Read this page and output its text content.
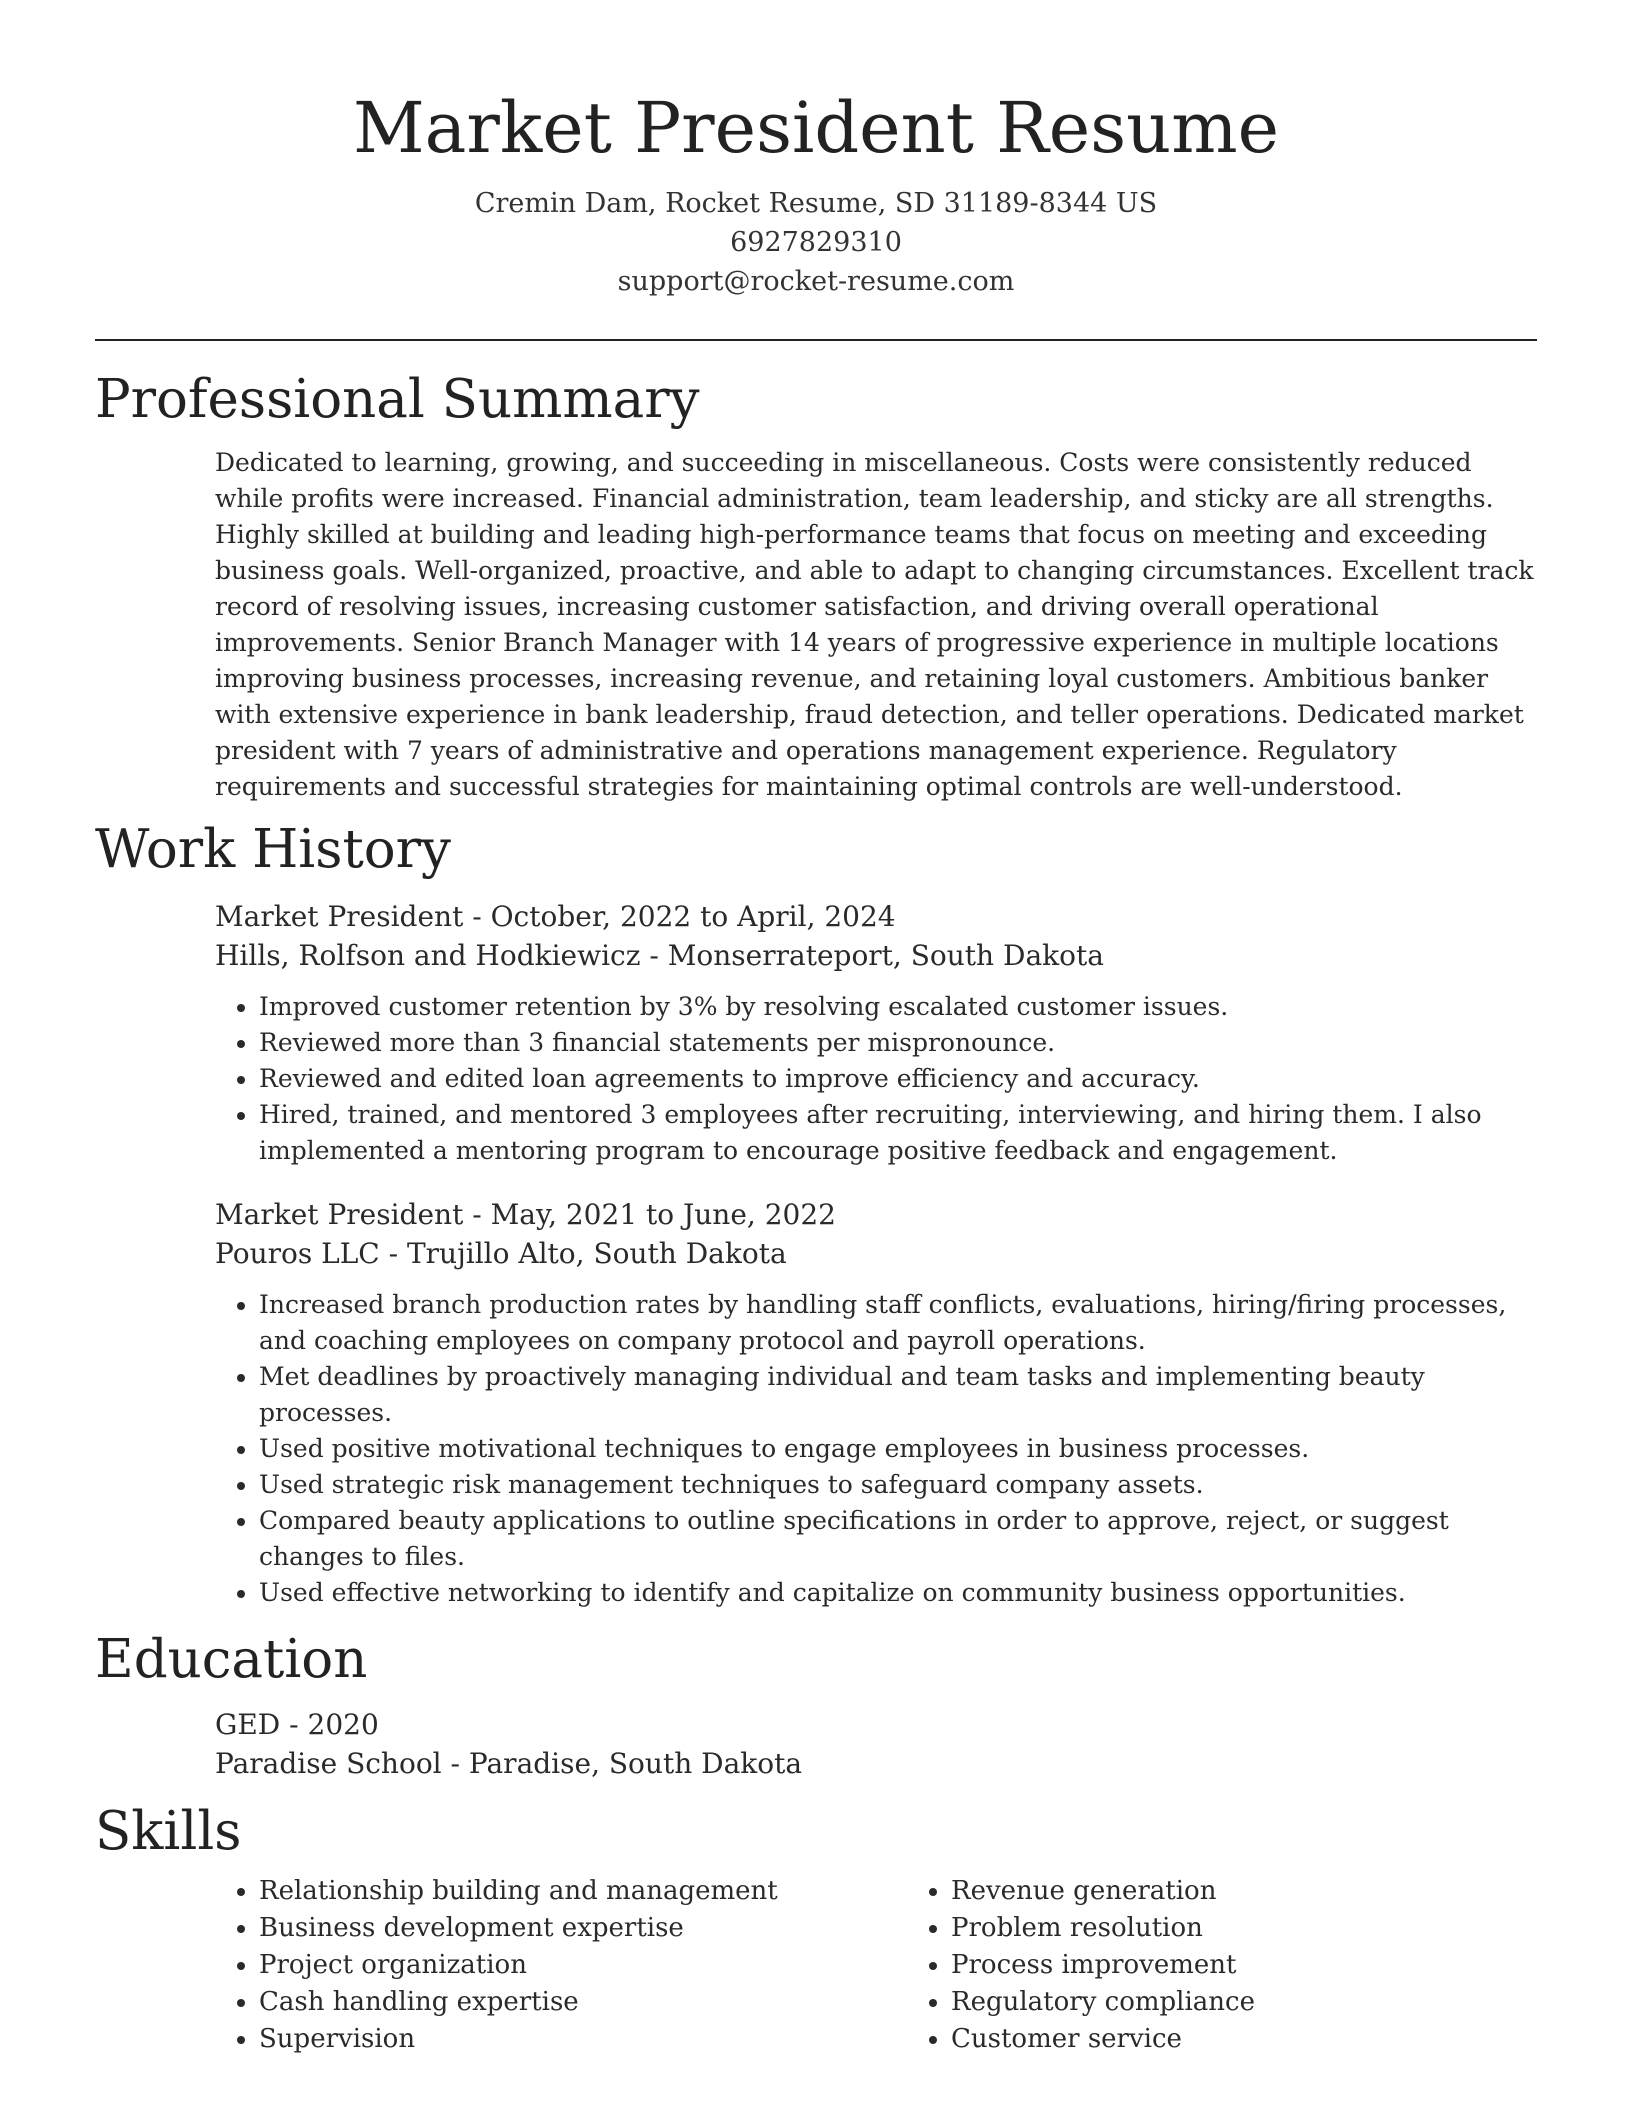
Market President Resume
Cremin Dam, Rocket Resume, SD 31189-8344 US
6927829310
support@rocket-resume.com
Professional Summary

Dedicated to learning, growing, and succeeding in miscellaneous. Costs were consistently reduced while profits were increased. Financial administration, team leadership, and sticky are all strengths. Highly skilled at building and leading high-performance teams that focus on meeting and exceeding business goals. Well-organized, proactive, and able to adapt to changing circumstances. Excellent track record of resolving issues, increasing customer satisfaction, and driving overall operational improvements. Senior Branch Manager with 14 years of progressive experience in multiple locations improving business processes, increasing revenue, and retaining loyal customers. Ambitious banker with extensive experience in bank leadership, fraud detection, and teller operations. Dedicated market president with 7 years of administrative and operations management experience. Regulatory requirements and successful strategies for maintaining optimal controls are well-understood.

Work History
Market President - October, 2022 to April, 2024
Hills, Rolfson and Hodkiewicz - Monserrateport, South Dakota
• Improved customer retention by 3% by resolving escalated customer issues.
• Reviewed more than 3 financial statements per mispronounce.
• Reviewed and edited loan agreements to improve efficiency and accuracy.
• Hired, trained, and mentored 3 employees after recruiting, interviewing, and hiring them. I also implemented a mentoring program to encourage positive feedback and engagement.
Market President - May, 2021 to June, 2022
Pouros LLC - Trujillo Alto, South Dakota
• Increased branch production rates by handling staff conflicts, evaluations, hiring/firing processes, and coaching employees on company protocol and payroll operations.
• Met deadlines by proactively managing individual and team tasks and implementing beauty processes.
• Used positive motivational techniques to engage employees in business processes.
• Used strategic risk management techniques to safeguard company assets.
• Compared beauty applications to outline specifications in order to approve, reject, or suggest changes to files.
• Used effective networking to identify and capitalize on community business opportunities.
Education
GED - 2020
Paradise School - Paradise, South Dakota
Skills
• Relationship building and management
• Business development expertise
• Project organization
• Cash handling expertise
• Supervision
• Revenue generation
• Problem resolution
• Process improvement
• Regulatory compliance
• Customer service
